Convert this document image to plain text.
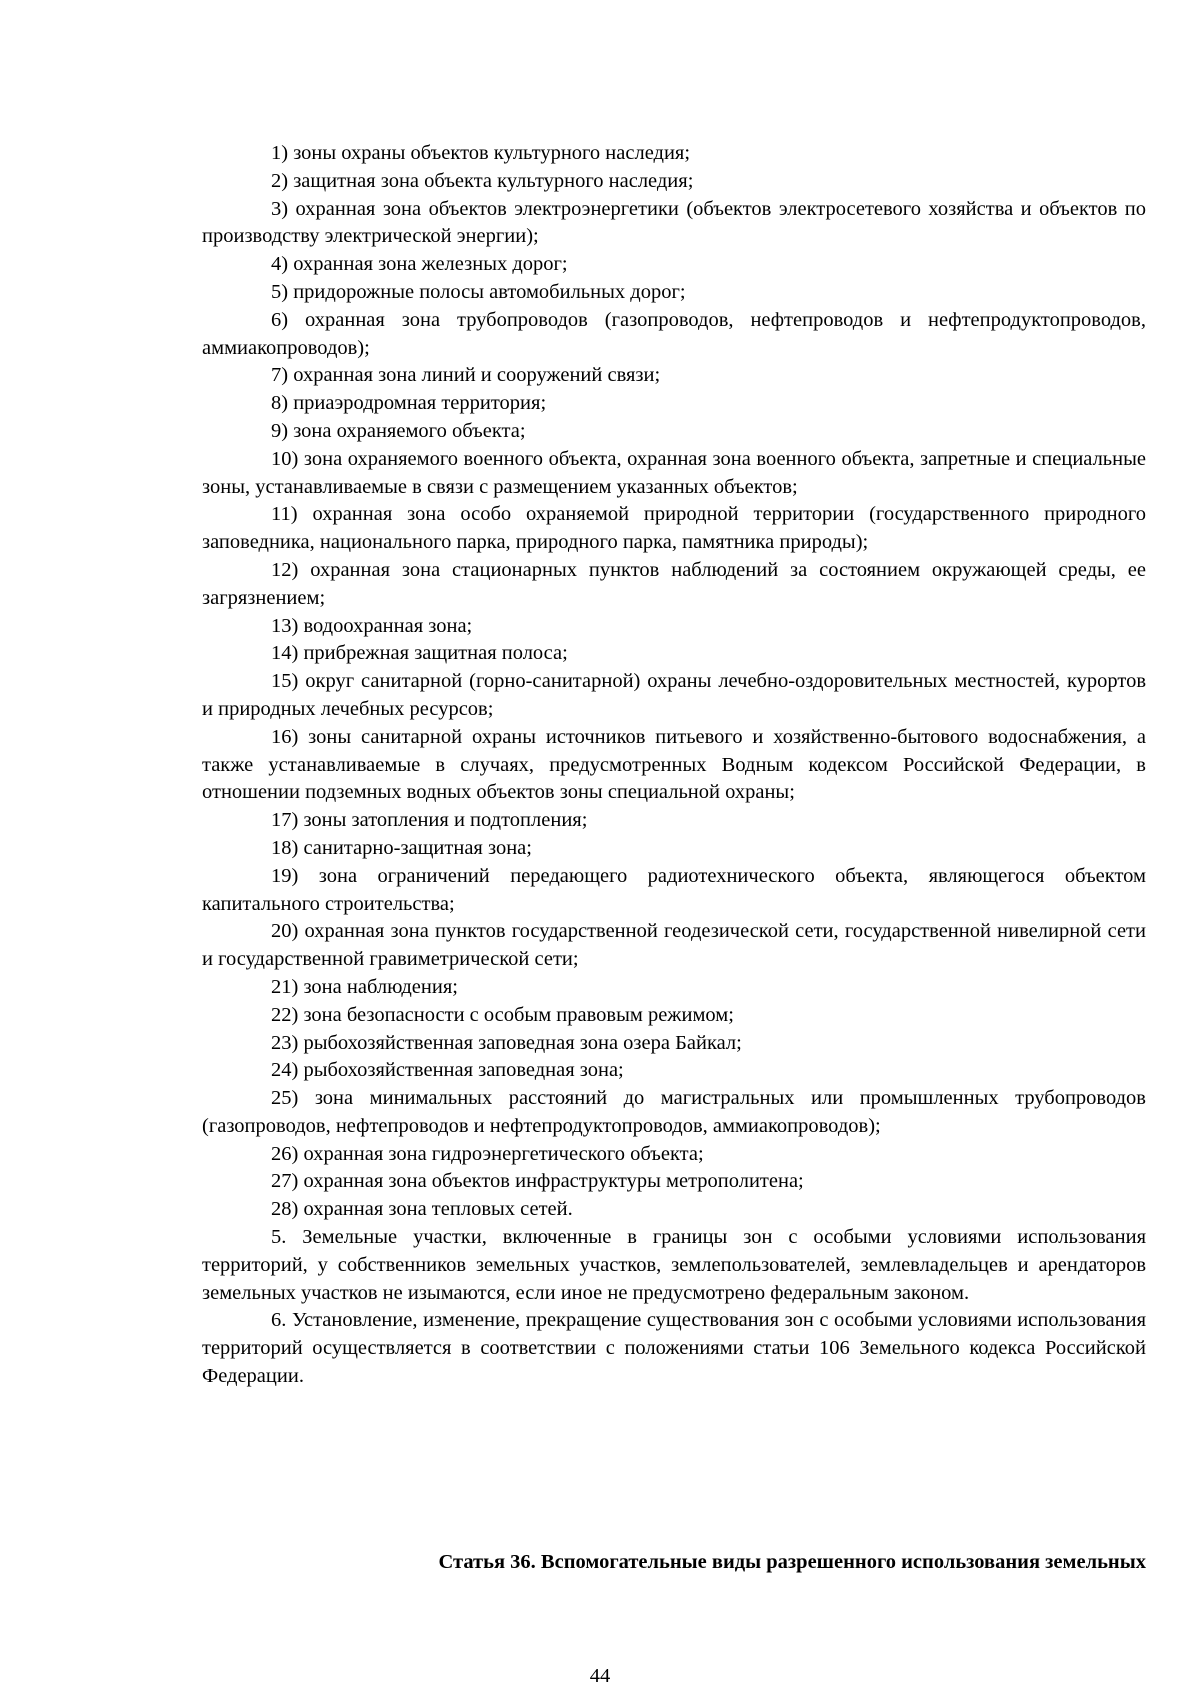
1) зоны охраны объектов культурного наследия;

2) защитная зона объекта культурного наследия;

3) охранная зона объектов электроэнергетики (объектов электросетевого хозяйства и объектов по производству электрической энергии);

4) охранная зона железных дорог;

5) придорожные полосы автомобильных дорог;

6) охранная зона трубопроводов (газопроводов, нефтепроводов и нефтепродуктопроводов, аммиакопроводов);

7) охранная зона линий и сооружений связи;

8) приаэродромная территория;

9) зона охраняемого объекта;

10) зона охраняемого военного объекта, охранная зона военного объекта, запретные и специальные зоны, устанавливаемые в связи с размещением указанных объектов;

11) охранная зона особо охраняемой природной территории (государственного природного заповедника, национального парка, природного парка, памятника природы);

12) охранная зона стационарных пунктов наблюдений за состоянием окружающей среды, ее загрязнением;

13) водоохранная зона;

14) прибрежная защитная полоса;

15) округ санитарной (горно-санитарной) охраны лечебно-оздоровительных местностей, курортов и природных лечебных ресурсов;

16) зоны санитарной охраны источников питьевого и хозяйственно-бытового водоснабжения, а также устанавливаемые в случаях, предусмотренных Водным кодексом Российской Федерации, в отношении подземных водных объектов зоны специальной охраны;

17) зоны затопления и подтопления;

18) санитарно-защитная зона;

19) зона ограничений передающего радиотехнического объекта, являющегося объектом капитального строительства;

20) охранная зона пунктов государственной геодезической сети, государственной нивелирной сети и государственной гравиметрической сети;

21) зона наблюдения;

22) зона безопасности с особым правовым режимом;

23) рыбохозяйственная заповедная зона озера Байкал;

24) рыбохозяйственная заповедная зона;

25) зона минимальных расстояний до магистральных или промышленных трубопроводов (газопроводов, нефтепроводов и нефтепродуктопроводов, аммиакопроводов);

26) охранная зона гидроэнергетического объекта;

27) охранная зона объектов инфраструктуры метрополитена;

28) охранная зона тепловых сетей.

5. Земельные участки, включенные в границы зон с особыми условиями использования территорий, у собственников земельных участков, землепользователей, землевладельцев и арендаторов земельных участков не изымаются, если иное не предусмотрено федеральным законом.

6. Установление, изменение, прекращение существования зон с особыми условиями использования территорий осуществляется в соответствии с положениями статьи 106 Земельного кодекса Российской Федерации.

Статья 36. Вспомогательные виды разрешенного использования земельных
44
